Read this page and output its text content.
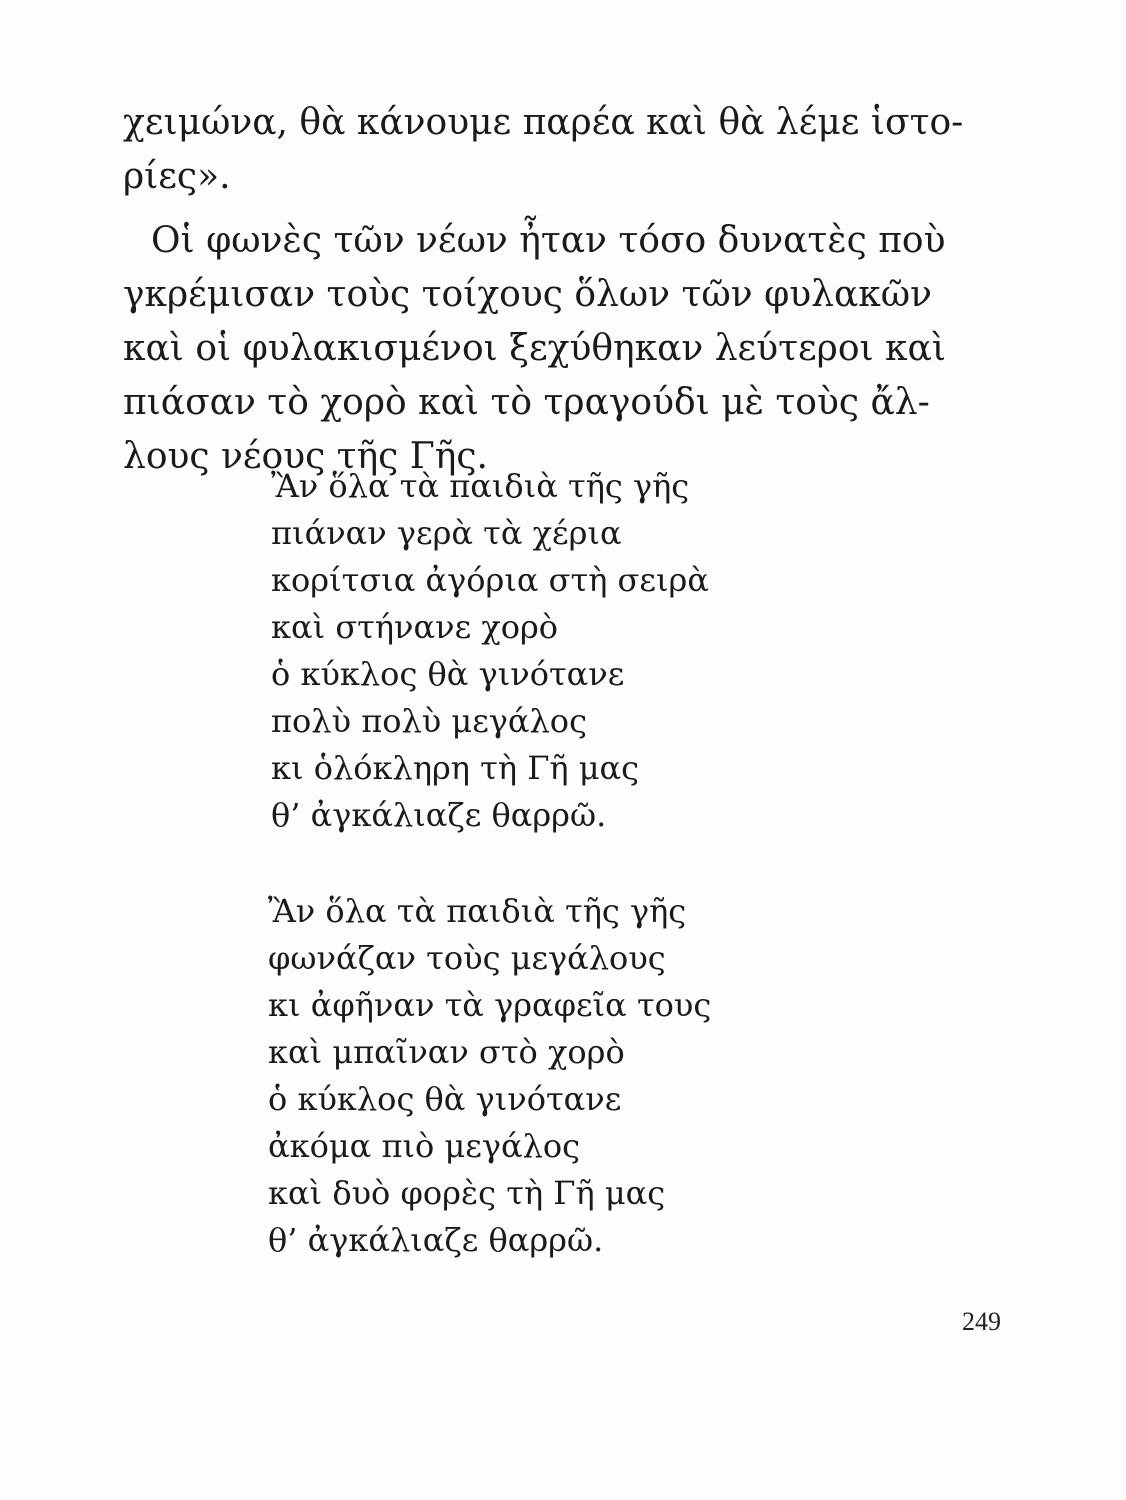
χειμώνα, θὰ κάνουμε παρέα καὶ θὰ λέμε ἱστο-
ρίες».
Οἱ φωνὲς τῶν νέων ἦταν τόσο δυνατὲς ποὺ
γκρέμισαν τοὺς τοίχους ὅλων τῶν φυλακῶν
καὶ οἱ φυλακισμένοι ξεχύθηκαν λεύτεροι καὶ
πιάσαν τὸ χορὸ καὶ τὸ τραγούδι μὲ τοὺς ἄλ-
λους νέους τῆς Γῆς.
Ἂν ὅλα τὰ παιδιὰ τῆς γῆς
πιάναν γερὰ τὰ χέρια
κορίτσια ἀγόρια στὴ σειρὰ
καὶ στήνανε χορὸ
ὁ κύκλος θὰ γινότανε
πολὺ πολὺ μεγάλος
κι ὁλόκληρη τὴ Γῆ μας
θ’ ἀγκάλιαζε θαρρῶ.
Ἂν ὅλα τὰ παιδιὰ τῆς γῆς
φωνάζαν τοὺς μεγάλους
κι ἀφῆναν τὰ γραφεῖα τους
καὶ μπαῖναν στὸ χορὸ
ὁ κύκλος θὰ γινότανε
ἀκόμα πιὸ μεγάλος
καὶ δυὸ φορὲς τὴ Γῆ μας
θ’ ἀγκάλιαζε θαρρῶ.
249
